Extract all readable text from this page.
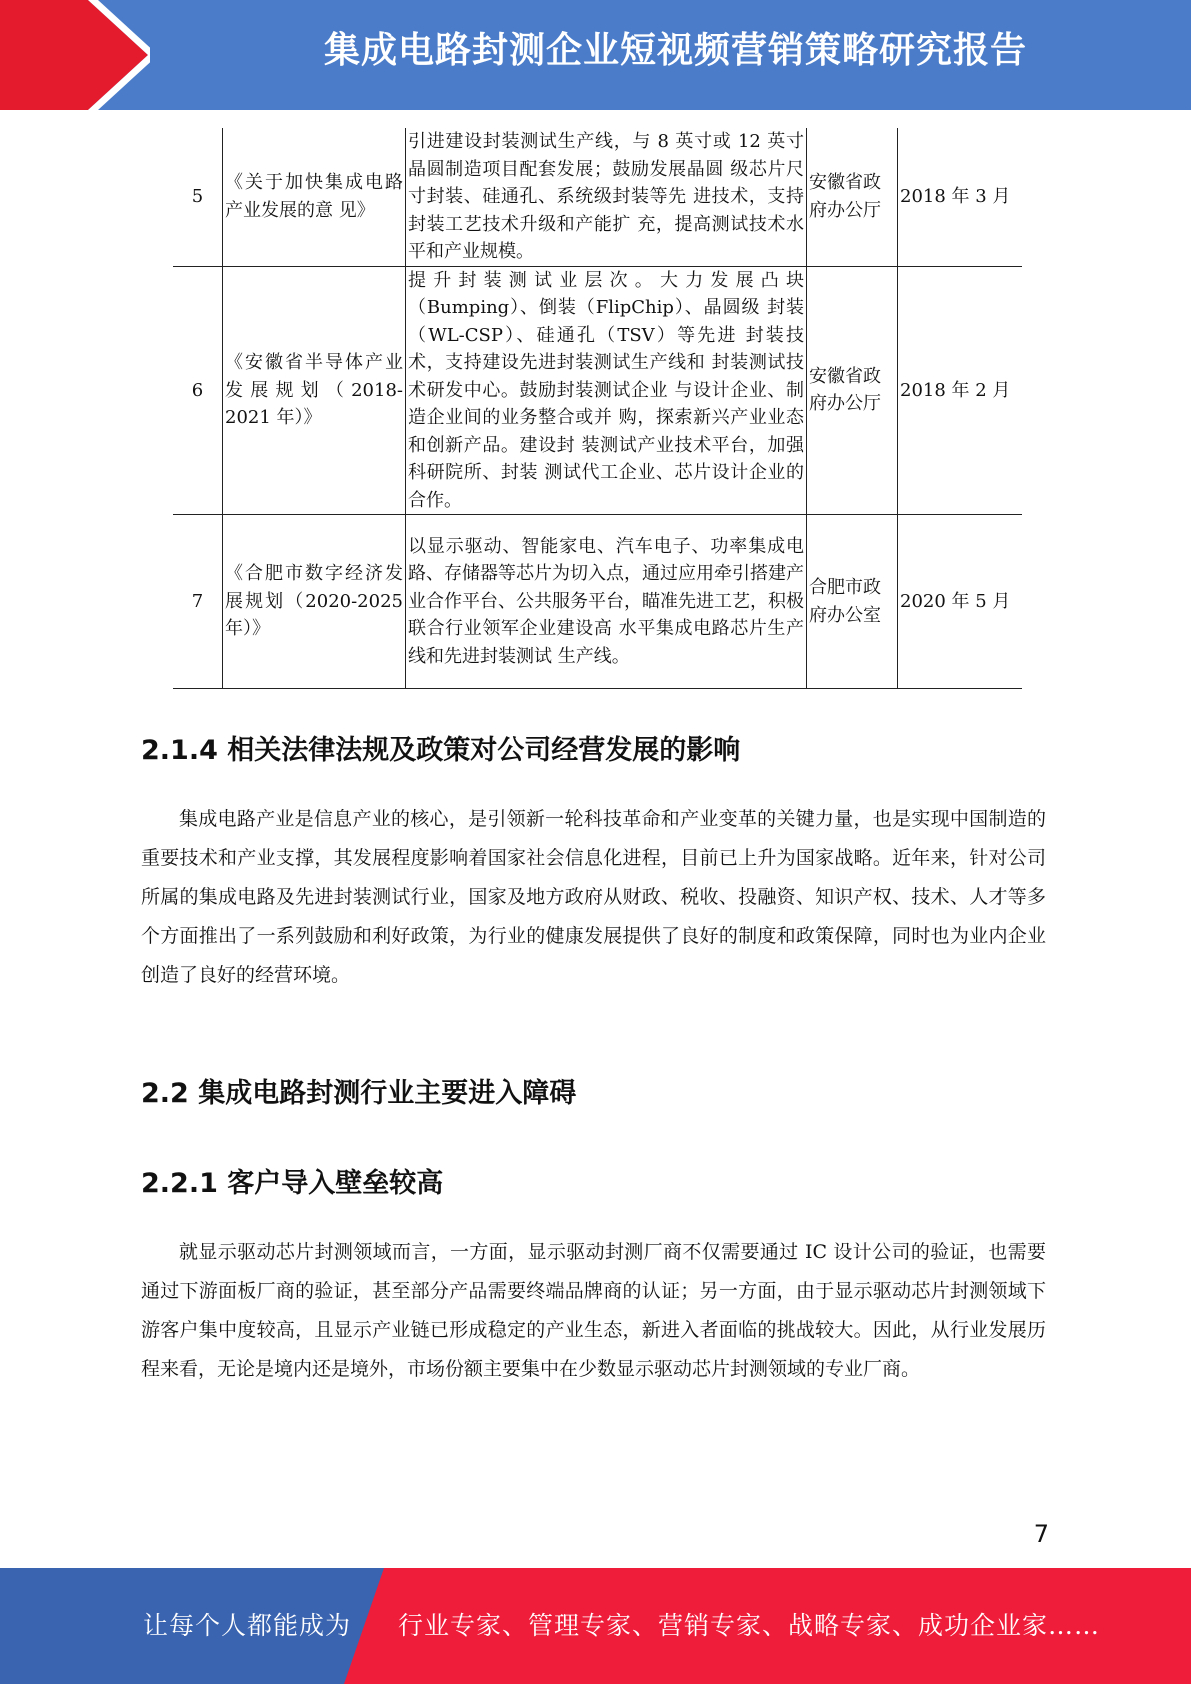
集成电路封测企业短视频营销策略研究报告
5	《关于加快集成电路产业发展的意 见》	引进建设封装测试生产线，与 8 英寸或 12 英寸晶圆制造项目配套发展；鼓励发展晶圆 级芯片尺寸封装、硅通孔、系统级封装等先 进技术，支持封装工艺技术升级和产能扩 充，提高测试技术水平和产业规模。	安徽省政府办公厅	2018 年 3 月
6	《安徽省半导体产业发展规划（2018-2021 年）》	提升封装测试业层次。大力发展凸块（Bumping）、倒装（FlipChip）、晶圆级 封装（WL-CSP）、硅通孔（TSV）等先进 封装技术，支持建设先进封装测试生产线和 封装测试技术研发中心。鼓励封装测试企业 与设计企业、制造企业间的业务整合或并 购，探索新兴产业业态和创新产品。建设封 装测试产业技术平台，加强科研院所、封装 测试代工企业、芯片设计企业的合作。	安徽省政府办公厅	2018 年 2 月
7	《合肥市数字经济发展规划（2020-2025 年）》	以显示驱动、智能家电、汽车电子、功率集成电路、存储器等芯片为切入点，通过应用牵引搭建产业合作平台、公共服务平台，瞄准先进工艺，积极联合行业领军企业建设高 水平集成电路芯片生产线和先进封装测试 生产线。	合肥市政府办公室	2020 年 5 月
2.1.4 相关法律法规及政策对公司经营发展的影响

集成电路产业是信息产业的核心，是引领新一轮科技革命和产业变革的关键力量，也是实现中国制造的重要技术和产业支撑，其发展程度影响着国家社会信息化进程，目前已上升为国家战略。近年来，针对公司所属的集成电路及先进封装测试行业，国家及地方政府从财政、税收、投融资、知识产权、技术、人才等多个方面推出了一系列鼓励和利好政策，为行业的健康发展提供了良好的制度和政策保障，同时也为业内企业创造了良好的经营环境。

2.2 集成电路封测行业主要进入障碍
2.2.1 客户导入壁垒较高

就显示驱动芯片封测领域而言，一方面，显示驱动封测厂商不仅需要通过 IC 设计公司的验证，也需要通过下游面板厂商的验证，甚至部分产品需要终端品牌商的认证；另一方面，由于显示驱动芯片封测领域下游客户集中度较高，且显示产业链已形成稳定的产业生态，新进入者面临的挑战较大。因此，从行业发展历程来看，无论是境内还是境外，市场份额主要集中在少数显示驱动芯片封测领域的专业厂商。

7
让每个人都能成为 行业专家、管理专家、营销专家、战略专家、成功企业家……
